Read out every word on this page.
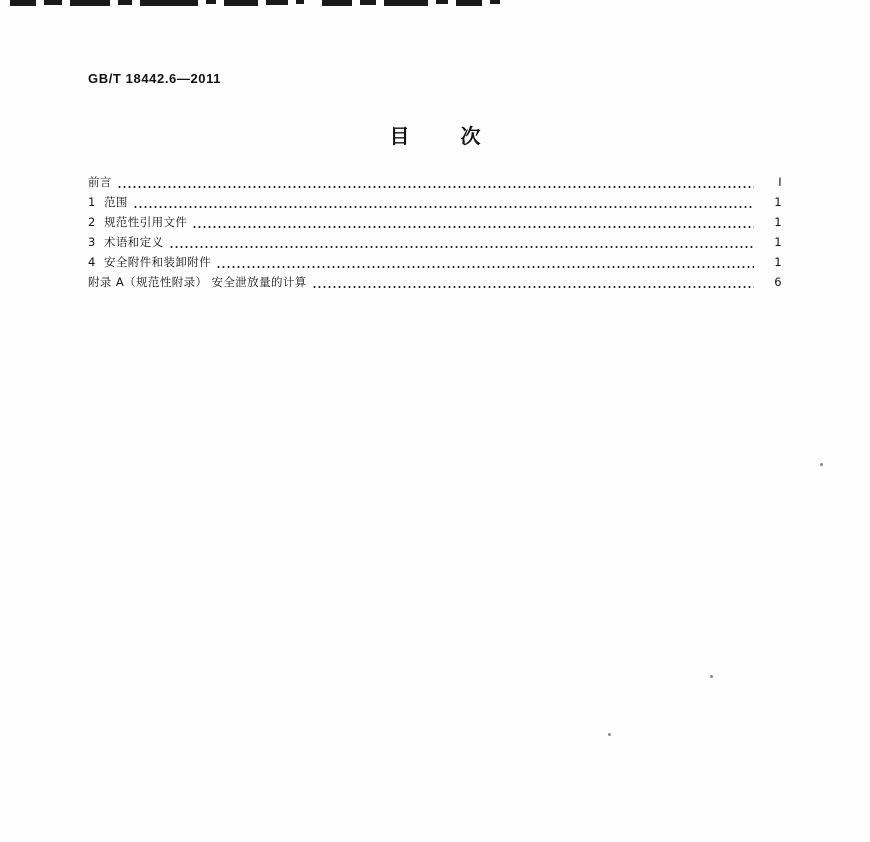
GB/T 18442.6—2011
目 次
前言	I
1 范围	1
2 规范性引用文件	1
3 术语和定义	1
4 安全附件和装卸附件	1
附录 A（规范性附录） 安全泄放量的计算	6
